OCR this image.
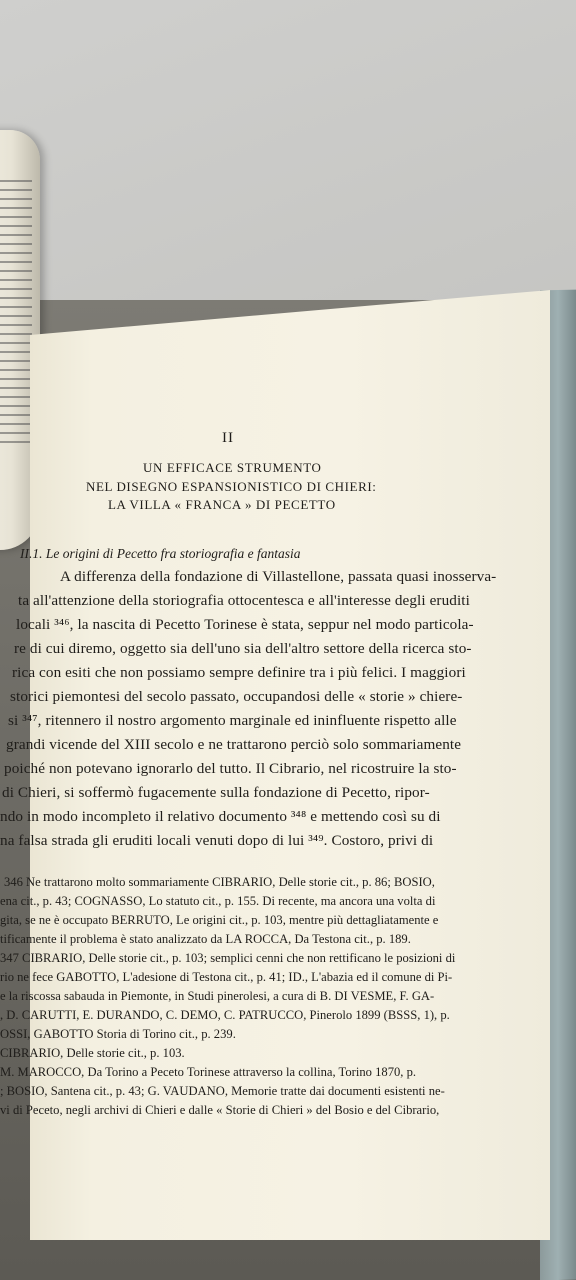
II
UN EFFICACE STRUMENTO
NEL DISEGNO ESPANSIONISTICO DI CHIERI:
LA VILLA « FRANCA » DI PECETTO
II.1. Le origini di Pecetto fra storiografia e fantasia
A differenza della fondazione di Villastellone, passata quasi inosserva-
ta all'attenzione della storiografia ottocentesca e all'interesse degli eruditi
locali ³⁴⁶, la nascita di Pecetto Torinese è stata, seppur nel modo particola-
re di cui diremo, oggetto sia dell'uno sia dell'altro settore della ricerca sto-
rica con esiti che non possiamo sempre definire tra i più felici. I maggiori
storici piemontesi del secolo passato, occupandosi delle « storie » chiere-
si ³⁴⁷, ritennero il nostro argomento marginale ed ininfluente rispetto alle
grandi vicende del XIII secolo e ne trattarono perciò solo sommariamente
poiché non potevano ignorarlo del tutto. Il Cibrario, nel ricostruire la sto-
di Chieri, si soffermò fugacemente sulla fondazione di Pecetto, ripor-
ndo in modo incompleto il relativo documento ³⁴⁸ e mettendo così su di
na falsa strada gli eruditi locali venuti dopo di lui ³⁴⁹. Costoro, privi di
346 Ne trattarono molto sommariamente CIBRARIO, Delle storie cit., p. 86; BOSIO,
ena cit., p. 43; COGNASSO, Lo statuto cit., p. 155. Di recente, ma ancora una volta di
gita, se ne è occupato BERRUTO, Le origini cit., p. 103, mentre più dettagliatamente e
tificamente il problema è stato analizzato da LA ROCCA, Da Testona cit., p. 189.
347 CIBRARIO, Delle storie cit., p. 103; semplici cenni che non rettificano le posizioni di
rio ne fece GABOTTO, L'adesione di Testona cit., p. 41; ID., L'abazia ed il comune di Pi-
e la riscossa sabauda in Piemonte, in Studi pinerolesi, a cura di B. DI VESME, F. GA-
, D. CARUTTI, E. DURANDO, C. DEMO, C. PATRUCCO, Pinerolo 1899 (BSSS, 1), p.
OSSI, GABOTTO Storia di Torino cit., p. 239.
CIBRARIO, Delle storie cit., p. 103.
M. MAROCCO, Da Torino a Peceto Torinese attraverso la collina, Torino 1870, p.
; BOSIO, Santena cit., p. 43; G. VAUDANO, Memorie tratte dai documenti esistenti ne-
vi di Peceto, negli archivi di Chieri e dalle « Storie di Chieri » del Bosio e del Cibrario,
